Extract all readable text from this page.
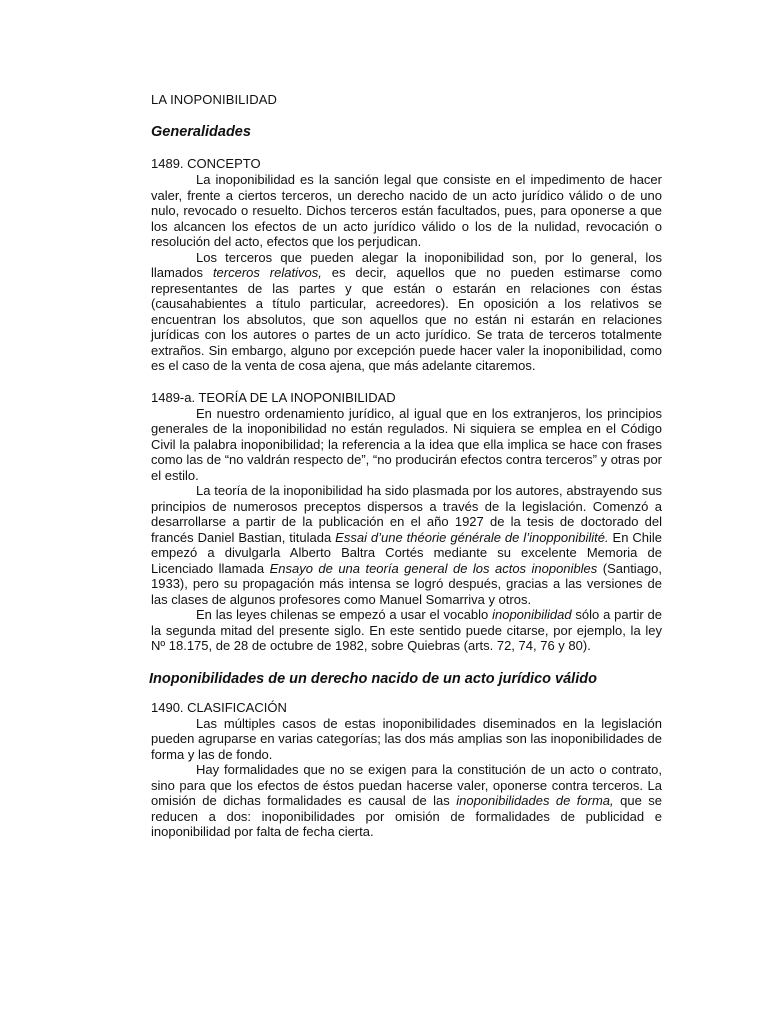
LA INOPONIBILIDAD
Generalidades
1489. CONCEPTO

La inoponibilidad es la sanción legal que consiste en el impedimento de hacer valer, frente a ciertos terceros, un derecho nacido de un acto jurídico válido o de uno nulo, revocado o resuelto. Dichos terceros están facultados, pues, para oponerse a que los alcancen los efectos de un acto jurídico válido o los de la nulidad, revocación o resolución del acto, efectos que los perjudican.

Los terceros que pueden alegar la inoponibilidad son, por lo general, los llamados terceros relativos, es decir, aquellos que no pueden estimarse como representantes de las partes y que están o estarán en relaciones con éstas (causahabientes a título particular, acreedores). En oposición a los relativos se encuentran los absolutos, que son aquellos que no están ni estarán en relaciones jurídicas con los autores o partes de un acto jurídico. Se trata de terceros totalmente extraños. Sin embargo, alguno por excepción puede hacer valer la inoponibilidad, como es el caso de la venta de cosa ajena, que más adelante citaremos.

1489-a. TEORÍA DE LA INOPONIBILIDAD

En nuestro ordenamiento jurídico, al igual que en los extranjeros, los principios generales de la inoponibilidad no están regulados. Ni siquiera se emplea en el Código Civil la palabra inoponibilidad; la referencia a la idea que ella implica se hace con frases como las de “no valdrán respecto de”, “no producirán efectos contra terceros” y otras por el estilo.

La teoría de la inoponibilidad ha sido plasmada por los autores, abstrayendo sus principios de numerosos preceptos dispersos a través de la legislación. Comenzó a desarrollarse a partir de la publicación en el año 1927 de la tesis de doctorado del francés Daniel Bastian, titulada Essai d’une théorie générale de l’inopponibilité. En Chile empezó a divulgarla Alberto Baltra Cortés mediante su excelente Memoria de Licenciado llamada Ensayo de una teoría general de los actos inoponibles (Santiago, 1933), pero su propagación más intensa se logró después, gracias a las versiones de las clases de algunos profesores como Manuel Somarriva y otros.

En las leyes chilenas se empezó a usar el vocablo inoponibilidad sólo a partir de la segunda mitad del presente siglo. En este sentido puede citarse, por ejemplo, la ley Nº 18.175, de 28 de octubre de 1982, sobre Quiebras (arts. 72, 74, 76 y 80).

Inoponibilidades de un derecho nacido de un acto jurídico válido
1490. CLASIFICACIÓN

Las múltiples casos de estas inoponibilidades diseminados en la legislación pueden agruparse en varias categorías; las dos más amplias son las inoponibilidades de forma y las de fondo.

Hay formalidades que no se exigen para la constitución de un acto o contrato, sino para que los efectos de éstos puedan hacerse valer, oponerse contra terceros. La omisión de dichas formalidades es causal de las inoponibilidades de forma, que se reducen a dos: inoponibilidades por omisión de formalidades de publicidad e inoponibilidad por falta de fecha cierta.
